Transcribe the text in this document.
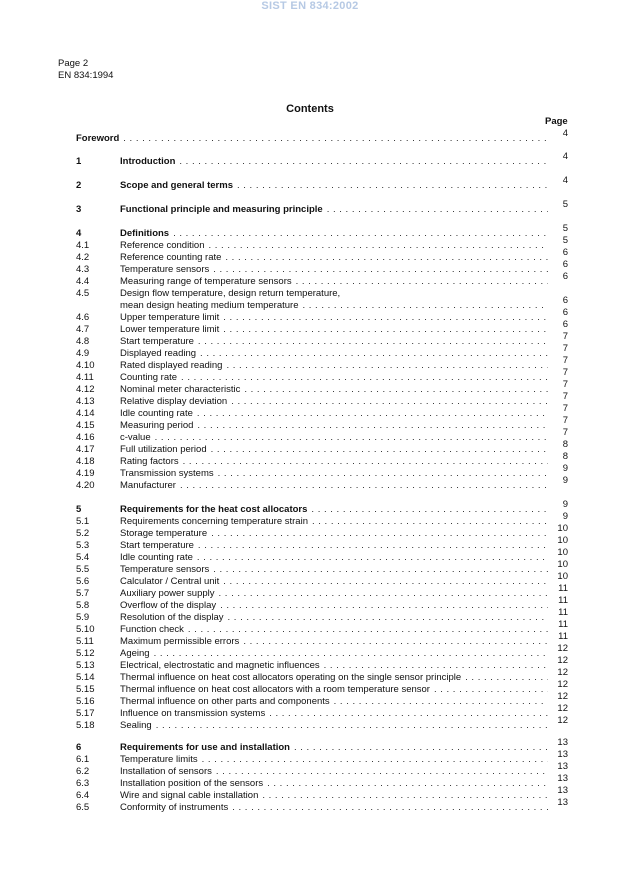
SIST EN 834:2002
Page 2
EN 834:1994
Contents
Page
Foreword . . .	4
1	Introduction . . .	4
2	Scope and general terms . . .	4
3	Functional principle and measuring principle . . .	5
4	Definitions . . .	5
4.1	Reference condition . . .	5
4.2	Reference counting rate . . .	6
4.3	Temperature sensors . . .	6
4.4	Measuring range of temperature sensors . . .	6
4.5	Design flow temperature, design return temperature,
mean design heating medium temperature . . .	6
4.6	Upper temperature limit . . .	6
4.7	Lower temperature limit . . .	6
4.8	Start temperature . . .	7
4.9	Displayed reading . . .	7
4.10	Rated displayed reading . . .	7
4.11	Counting rate . . .	7
4.12	Nominal meter characteristic . . .	7
4.13	Relative display deviation . . .	7
4.14	Idle counting rate . . .	7
4.15	Measuring period . . .	7
4.16	c-value . . .	7
4.17	Full utilization period . . .	8
4.18	Rating factors . . .	8
4.19	Transmission systems . . .	9
4.20	Manufacturer . . .	9
5	Requirements for the heat cost allocators . . .	9
5.1	Requirements concerning temperature strain . . .	9
5.2	Storage temperature . . .	10
5.3	Start temperature . . .	10
5.4	Idle counting rate . . .	10
5.5	Temperature sensors . . .	10
5.6	Calculator / Central unit . . .	10
5.7	Auxiliary power supply . . .	11
5.8	Overflow of the display . . .	11
5.9	Resolution of the display . . .	11
5.10	Function check . . .	11
5.11	Maximum permissible errors . . .	11
5.12	Ageing . . .	12
5.13	Electrical, electrostatic and magnetic influences . . .	12
5.14	Thermal influence on heat cost allocators operating on the single sensor principle . . .	12
5.15	Thermal influence on heat cost allocators with a room temperature sensor . . .	12
5.16	Thermal influence on other parts and components . . .	12
5.17	Influence on transmission systems . . .	12
5.18	Sealing . . .	12
6	Requirements for use and installation . . .	13
6.1	Temperature limits . . .	13
6.2	Installation of sensors . . .	13
6.3	Installation position of the sensors . . .	13
6.4	Wire and signal cable installation . . .	13
6.5	Conformity of instruments . . .	13
